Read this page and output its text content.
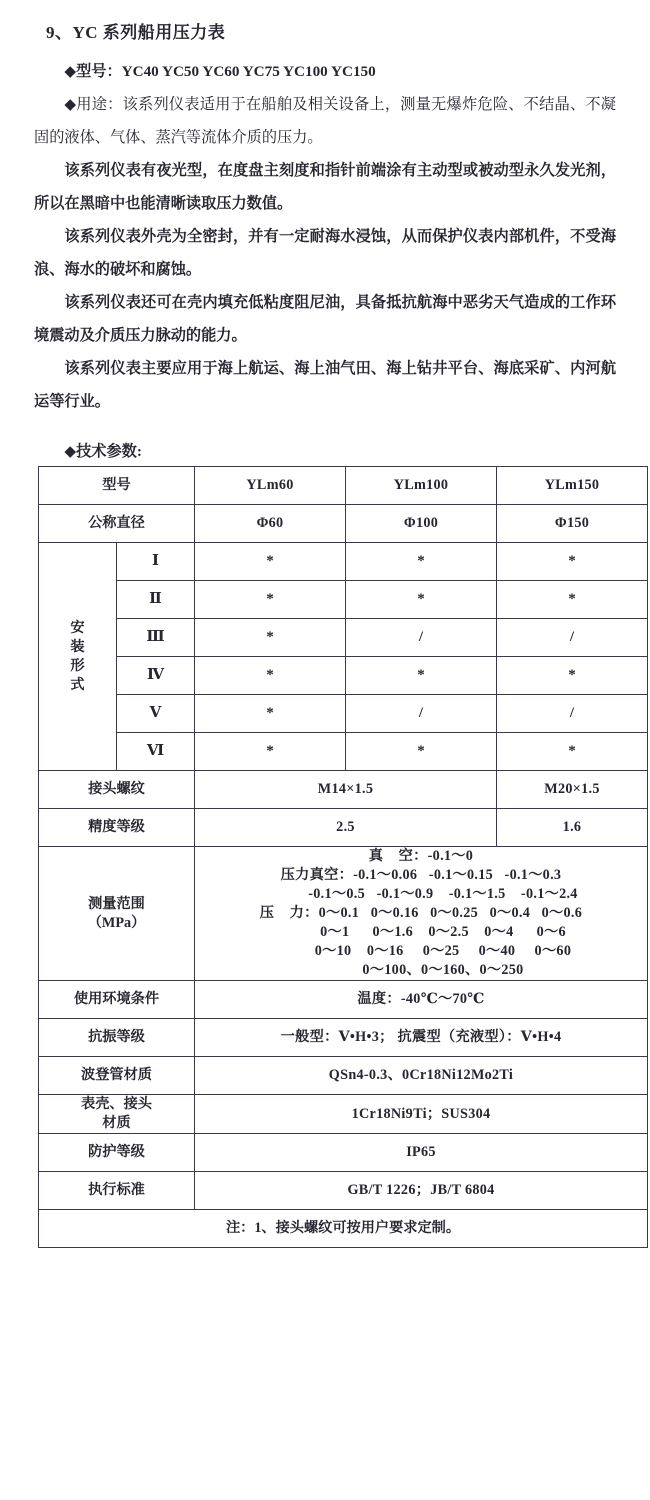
9、YC 系列船用压力表

◆型号：YC40 YC50 YC60 YC75 YC100 YC150

◆用途：该系列仪表适用于在船舶及相关设备上，测量无爆炸危险、不结晶、不凝固的液体、气体、蒸汽等流体介质的压力。

该系列仪表有夜光型，在度盘主刻度和指针前端涂有主动型或被动型永久发光剂，所以在黑暗中也能清晰读取压力数值。

该系列仪表外壳为全密封，并有一定耐海水浸蚀，从而保护仪表内部机件，不受海浪、海水的破坏和腐蚀。

该系列仪表还可在壳内填充低粘度阻尼油，具备抵抗航海中恶劣天气造成的工作环境震动及介质压力脉动的能力。

该系列仪表主要应用于海上航运、海上油气田、海上钻井平台、海底采矿、内河航运等行业。

◆技术参数:
型号		YLm60	YLm100	YLm150
公称直径		Φ60	Φ100	Φ150

安
装
形
式	Ⅰ	*	*	*
	Ⅱ	*	*	*
	Ⅲ	*	/	/
	Ⅳ	*	*	*
	Ⅴ	*	/	/
	Ⅵ	*	*	*
接头螺纹		M14×1.5		M20×1.5
精度等级		2.5		1.6

测量范围
（MPa）

真    空：-0.1～0
压力真空：-0.1～0.06   -0.1～0.15   -0.1～0.3
-0.1～0.5   -0.1～0.9    -0.1～1.5    -0.1～2.4
压    力：0～0.1   0～0.16   0～0.25   0～0.4   0～0.6
0～1      0～1.6    0～2.5    0～4      0～6
0～10    0～16     0～25     0～40     0～60
0～100、0～160、0～250

使用环境条件		温度：-40℃～70℃		
抗振等级		一般型：Ⅴ•Η•3； 抗震型（充液型）：Ⅴ•Η•4		
波登管材质		QSn4-0.3、0Cr18Ni12Mo2Ti		

表壳、接头
材质		1Cr18Ni9Ti；SUS304		
防护等级		IP65		
执行标准		GB/T 1226；JB/T 6804		
注：1、接头螺纹可按用户要求定制。				
